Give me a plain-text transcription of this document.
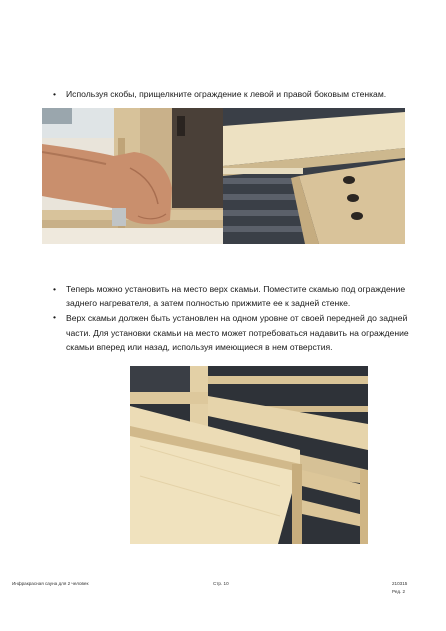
• Используя скобы, прищелкните ограждение к левой и правой боковым стенкам.
• Теперь можно установить на место верх скамьи. Поместите скамью под ограждение заднего нагревателя, а затем полностью прижмите ее к задней стенке.
• Верх скамьи должен быть установлен на одном уровне от своей передней до задней части. Для установки скамьи на место может потребоваться надавить на ограждение скамьи вперед или назад, используя имеющиеся в нем отверстия.
Инфракрасная сауна для 2 человек	Стр. 10	210315
Ред. 2
